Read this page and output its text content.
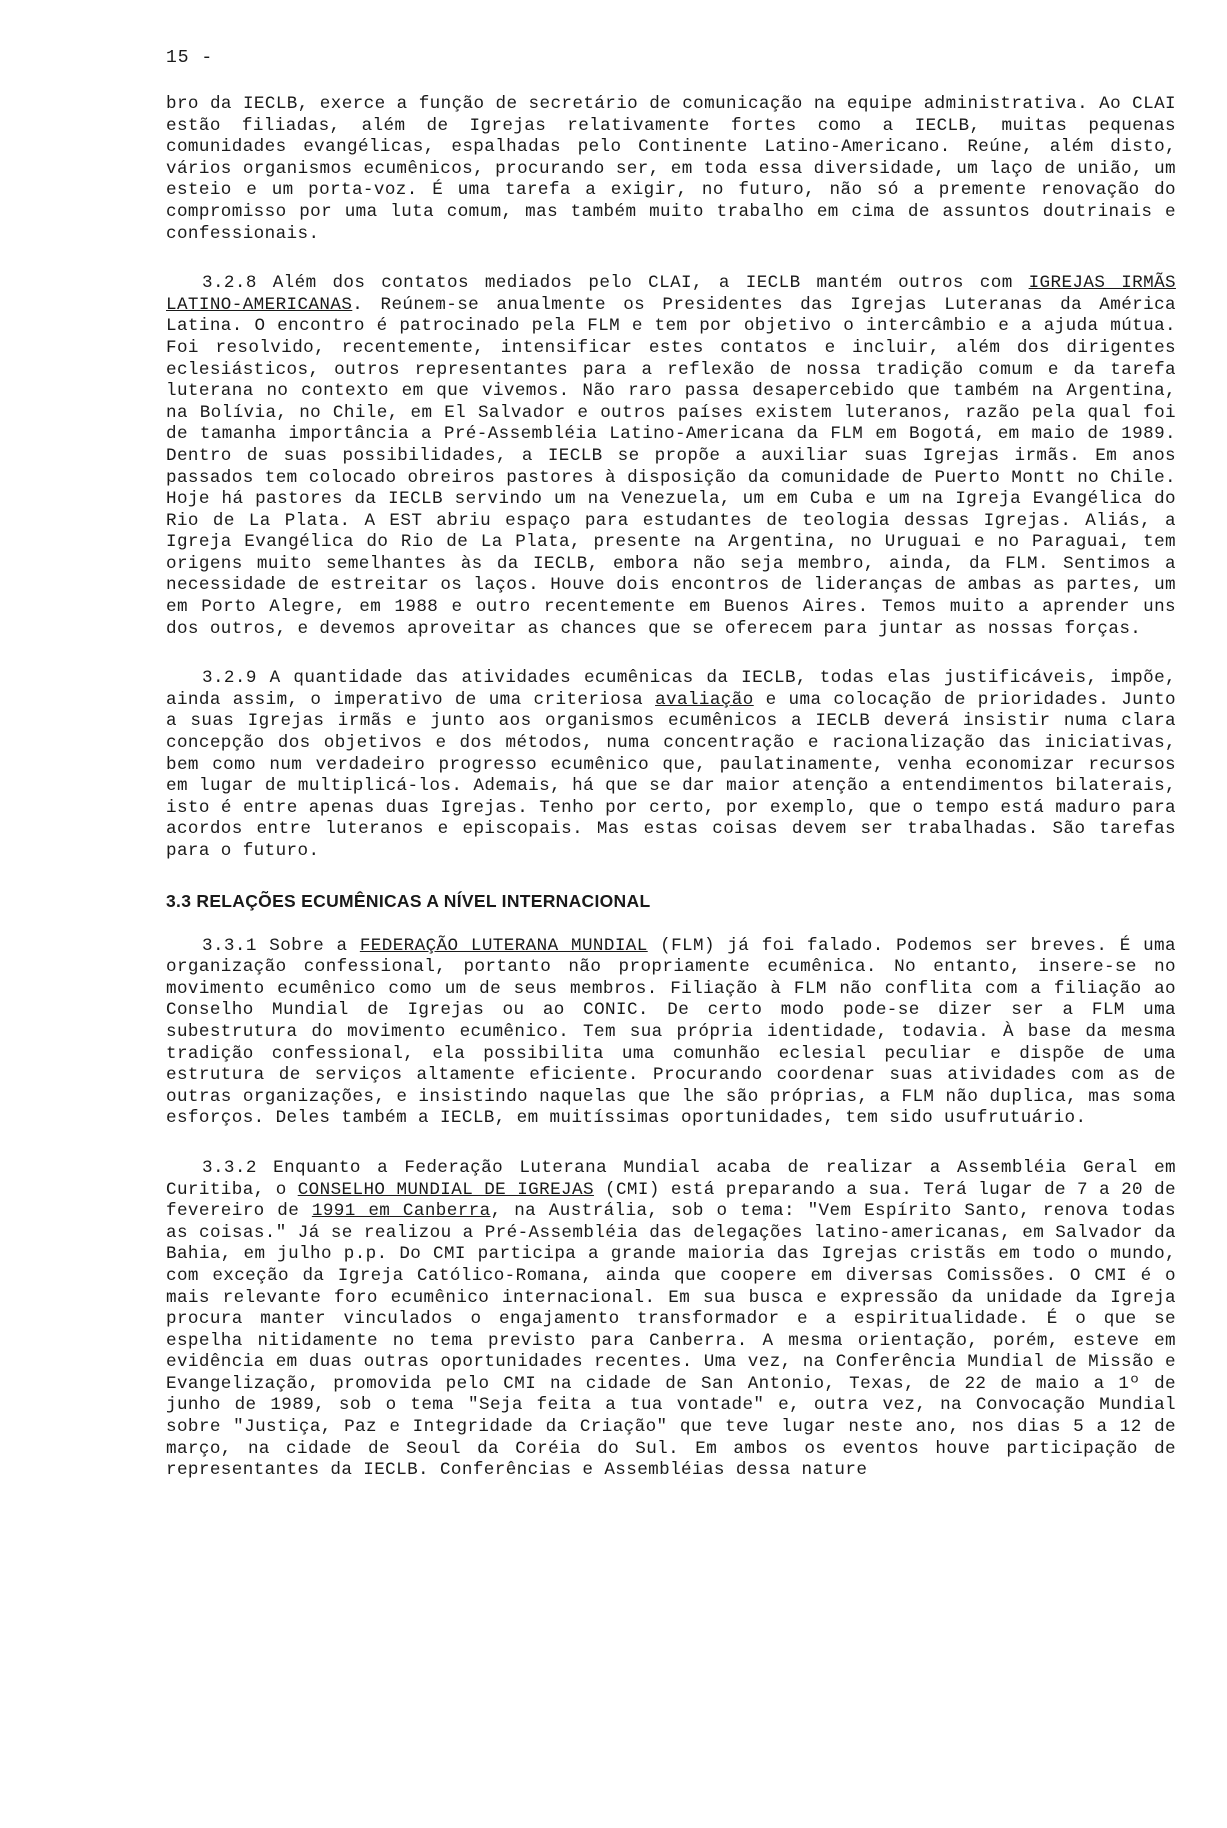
15 -

bro da IECLB, exerce a função de secretário de comunicação na equipe administrativa. Ao CLAI estão filiadas, além de Igrejas relativamente fortes como a IECLB, muitas pequenas comunidades evangélicas, espalhadas pelo Continente Latino-Americano. Reúne, além disto, vários organismos ecumênicos, procurando ser, em toda essa diversidade, um laço de união, um esteio e um porta-voz. É uma tarefa a exigir, no futuro, não só a premente renovação do compromisso por uma luta comum, mas também muito trabalho em cima de assuntos doutrinais e confessionais.

3.2.8 Além dos contatos mediados pelo CLAI, a IECLB mantém outros com IGREJAS IRMÃS LATINO-AMERICANAS. Reúnem-se anualmente os Presidentes das Igrejas Luteranas da América Latina. O encontro é patrocinado pela FLM e tem por objetivo o intercâmbio e a ajuda mútua. Foi resolvido, recentemente, intensificar estes contatos e incluir, além dos dirigentes eclesiásticos, outros representantes para a reflexão de nossa tradição comum e da tarefa luterana no contexto em que vivemos. Não raro passa desapercebido que também na Argentina, na Bolívia, no Chile, em El Salvador e outros países existem luteranos, razão pela qual foi de tamanha importância a Pré-Assembléia Latino-Americana da FLM em Bogotá, em maio de 1989. Dentro de suas possibilidades, a IECLB se propõe a auxiliar suas Igrejas irmãs. Em anos passados tem colocado obreiros pastores à disposição da comunidade de Puerto Montt no Chile. Hoje há pastores da IECLB servindo um na Venezuela, um em Cuba e um na Igreja Evangélica do Rio de La Plata. A EST abriu espaço para estudantes de teologia dessas Igrejas. Aliás, a Igreja Evangélica do Rio de La Plata, presente na Argentina, no Uruguai e no Paraguai, tem origens muito semelhantes às da IECLB, embora não seja membro, ainda, da FLM. Sentimos a necessidade de estreitar os laços. Houve dois encontros de lideranças de ambas as partes, um em Porto Alegre, em 1988 e outro recentemente em Buenos Aires. Temos muito a aprender uns dos outros, e devemos aproveitar as chances que se oferecem para juntar as nossas forças.

3.2.9 A quantidade das atividades ecumênicas da IECLB, todas elas justificáveis, impõe, ainda assim, o imperativo de uma criteriosa avaliação e uma colocação de prioridades. Junto a suas Igrejas irmãs e junto aos organismos ecumênicos a IECLB deverá insistir numa clara concepção dos objetivos e dos métodos, numa concentração e racionalização das iniciativas, bem como num verdadeiro progresso ecumênico que, paulatinamente, venha economizar recursos em lugar de multiplicá-los. Ademais, há que se dar maior atenção a entendimentos bilaterais, isto é entre apenas duas Igrejas. Tenho por certo, por exemplo, que o tempo está maduro para acordos entre luteranos e episcopais. Mas estas coisas devem ser trabalhadas. São tarefas para o futuro.

3.3 RELAÇÕES ECUMÊNICAS A NÍVEL INTERNACIONAL

3.3.1 Sobre a FEDERAÇÃO LUTERANA MUNDIAL (FLM) já foi falado. Podemos ser breves. É uma organização confessional, portanto não propriamente ecumênica. No entanto, insere-se no movimento ecumênico como um de seus membros. Filiação à FLM não conflita com a filiação ao Conselho Mundial de Igrejas ou ao CONIC. De certo modo pode-se dizer ser a FLM uma subestrutura do movimento ecumênico. Tem sua própria identidade, todavia. À base da mesma tradição confessional, ela possibilita uma comunhão eclesial peculiar e dispõe de uma estrutura de serviços altamente eficiente. Procurando coordenar suas atividades com as de outras organizações, e insistindo naquelas que lhe são próprias, a FLM não duplica, mas soma esforços. Deles também a IECLB, em muitíssimas oportunidades, tem sido usufrutuário.

3.3.2 Enquanto a Federação Luterana Mundial acaba de realizar a Assembléia Geral em Curitiba, o CONSELHO MUNDIAL DE IGREJAS (CMI) está preparando a sua. Terá lugar de 7 a 20 de fevereiro de 1991 em Canberra, na Austrália, sob o tema: "Vem Espírito Santo, renova todas as coisas." Já se realizou a Pré-Assembléia das delegações latino-americanas, em Salvador da Bahia, em julho p.p. Do CMI participa a grande maioria das Igrejas cristãs em todo o mundo, com exceção da Igreja Católico-Romana, ainda que coopere em diversas Comissões. O CMI é o mais relevante foro ecumênico internacional. Em sua busca e expressão da unidade da Igreja procura manter vinculados o engajamento transformador e a espiritualidade. É o que se espelha nitidamente no tema previsto para Canberra. A mesma orientação, porém, esteve em evidência em duas outras oportunidades recentes. Uma vez, na Conferência Mundial de Missão e Evangelização, promovida pelo CMI na cidade de San Antonio, Texas, de 22 de maio a 1º de junho de 1989, sob o tema "Seja feita a tua vontade" e, outra vez, na Convocação Mundial sobre "Justiça, Paz e Integridade da Criação" que teve lugar neste ano, nos dias 5 a 12 de março, na cidade de Seoul da Coréia do Sul. Em ambos os eventos houve participação de representantes da IECLB. Conferências e Assembléias dessa nature
